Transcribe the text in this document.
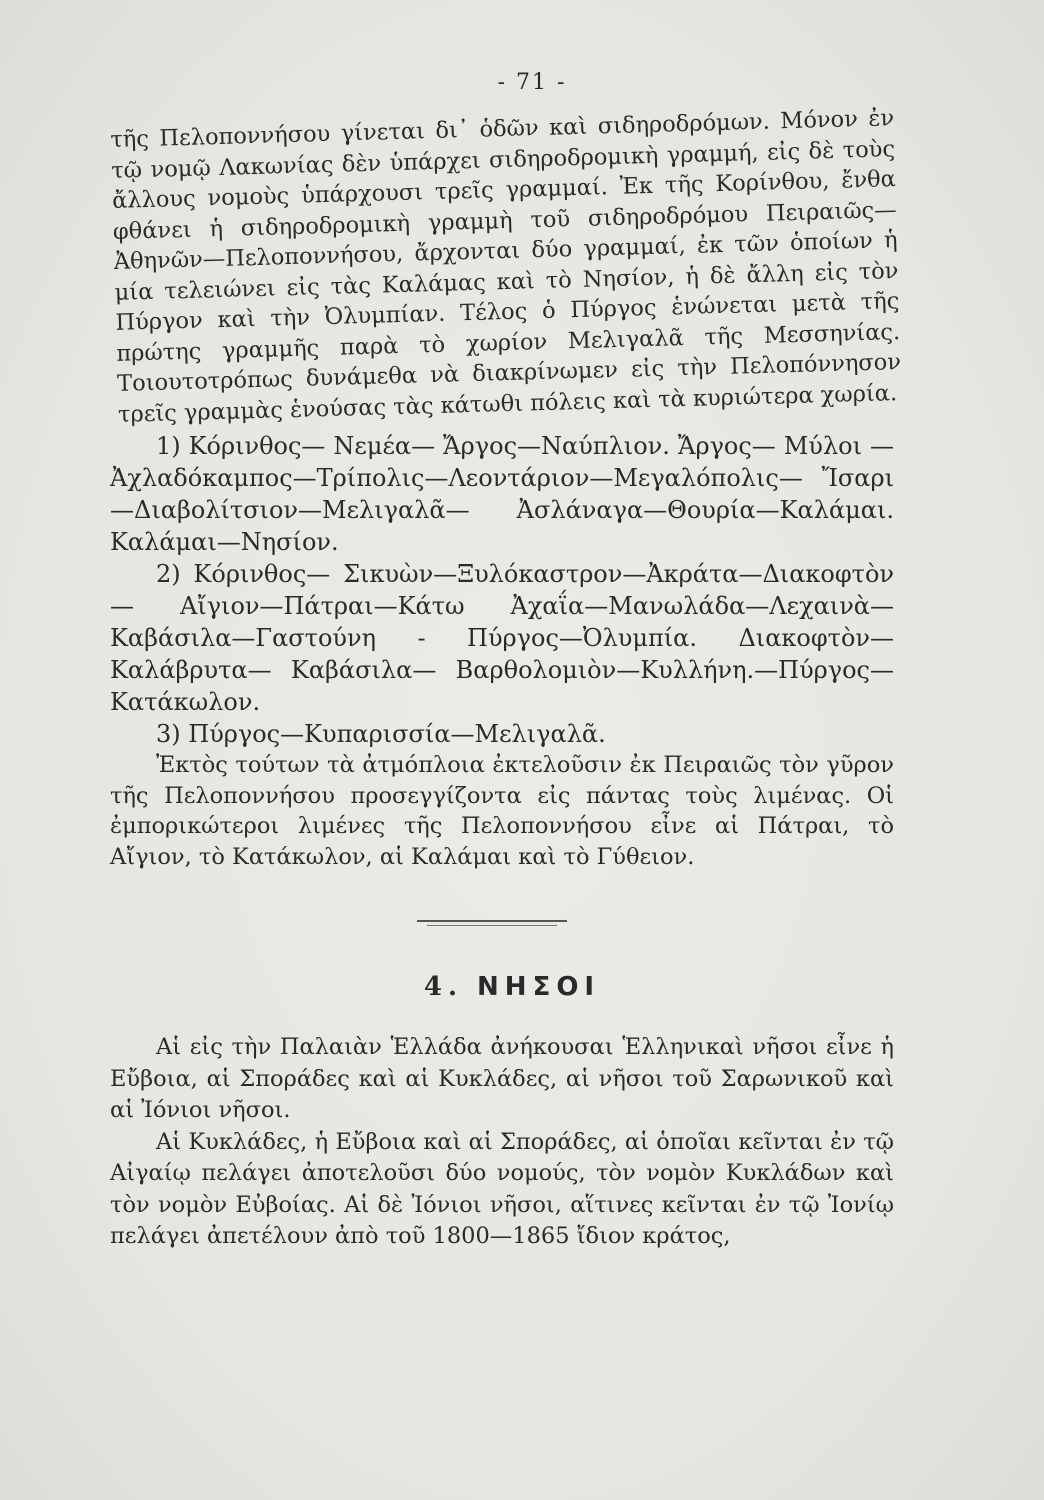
- 71 -

τῆς Πελοποννήσου γίνεται δι᾽ ὁδῶν καὶ σιδηροδρόμων. Μόνον ἐν τῷ νομῷ Λακωνίας δὲν ὑπάρχει σιδηροδρομικὴ γραμμή, εἰς δὲ τοὺς ἄλλους νομοὺς ὑπάρχουσι τρεῖς γραμμαί. Ἐκ τῆς Κορίνθου, ἔνθα φθάνει ἡ σιδηροδρομικὴ γραμμὴ τοῦ σιδηροδρόμου Πειραιῶς—Ἀθηνῶν—Πελοποννήσου, ἄρχονται δύο γραμμαί, ἐκ τῶν ὁποίων ἡ μία τελειώνει εἰς τὰς Καλάμας καὶ τὸ Νησίον, ἡ δὲ ἄλλη εἰς τὸν Πύργον καὶ τὴν Ὀλυμπίαν. Τέλος ὁ Πύργος ἑνώνεται μετὰ τῆς πρώτης γραμμῆς παρὰ τὸ χωρίον Μελιγαλᾶ τῆς Μεσσηνίας. Τοιουτοτρόπως δυνάμεθα νὰ διακρίνωμεν εἰς τὴν Πελοπόννησον τρεῖς γραμμὰς ἑνούσας τὰς κάτωθι πόλεις καὶ τὰ κυριώτερα χωρία.

1) Κόρινθος— Νεμέα— Ἄργος—Ναύπλιον. Ἄργος— Μύλοι —Ἀχλαδόκαμπος—Τρίπολις—Λεοντάριον—Μεγαλόπολις— Ἴσαρι —Διαβολίτσιον—Μελιγαλᾶ— Ἀσλάναγα—Θουρία—Καλάμαι. Καλάμαι—Νησίον.

2) Κόρινθος— Σικυὼν—Ξυλόκαστρον—Ἀκράτα—Διακοφτὸν— Αἴγιον—Πάτραι—Κάτω Ἀχαΐα—Μανωλάδα—Λεχαινὰ— Καβάσιλα—Γαστούνη - Πύργος—Ὀλυμπία. Διακοφτὸν—Καλάβρυτα— Καβάσιλα— Βαρθολομιὸν—Κυλλήνη.—Πύργος—Κατάκωλον.

3) Πύργος—Κυπαρισσία—Μελιγαλᾶ.

Ἐκτὸς τούτων τὰ ἀτμόπλοια ἐκτελοῦσιν ἐκ Πειραιῶς τὸν γῦρον τῆς Πελοποννήσου προσεγγίζοντα εἰς πάντας τοὺς λιμένας. Οἱ ἐμπορικώτεροι λιμένες τῆς Πελοποννήσου εἶνε αἱ Πάτραι, τὸ Αἴγιον, τὸ Κατάκωλον, αἱ Καλάμαι καὶ τὸ Γύθειον.

4. ΝΗΣΟΙ

Αἱ εἰς τὴν Παλαιὰν Ἑλλάδα ἀνήκουσαι Ἑλληνικαὶ νῆσοι εἶνε ἡ Εὔβοια, αἱ Σποράδες καὶ αἱ Κυκλάδες, αἱ νῆσοι τοῦ Σαρωνικοῦ καὶ αἱ Ἰόνιοι νῆσοι.

Αἱ Κυκλάδες, ἡ Εὔβοια καὶ αἱ Σποράδες, αἱ ὁποῖαι κεῖνται ἐν τῷ Αἰγαίῳ πελάγει ἀποτελοῦσι δύο νομούς, τὸν νομὸν Κυκλάδων καὶ τὸν νομὸν Εὐβοίας. Αἱ δὲ Ἰόνιοι νῆσοι, αἵτινες κεῖνται ἐν τῷ Ἰονίῳ πελάγει ἀπετέλουν ἀπὸ τοῦ 1800—1865 ἴδιον κράτος,
